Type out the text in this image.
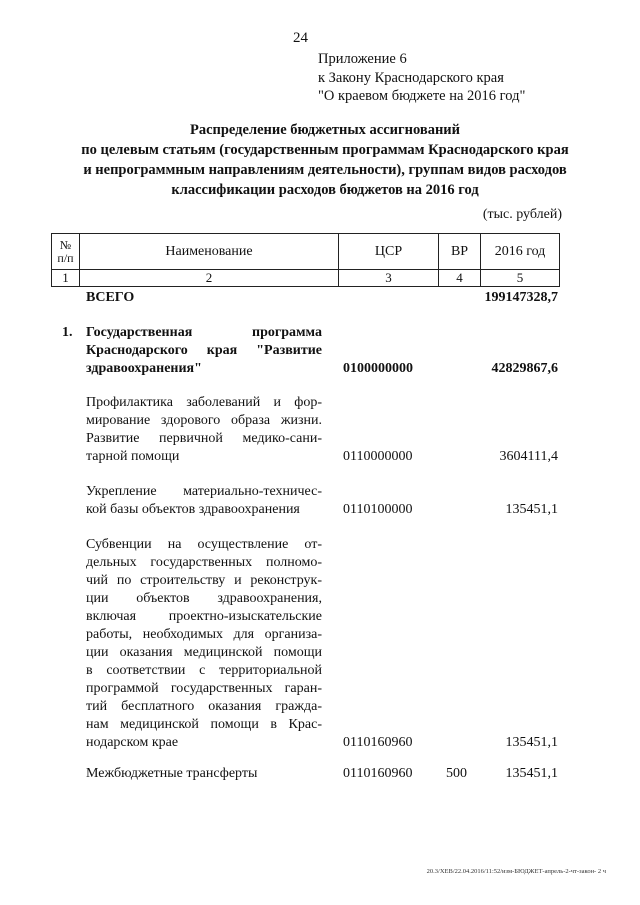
24
Приложение 6
к Закону Краснодарского края
"О краевом бюджете на 2016 год"
Распределение бюджетных ассигнований
по целевым статьям (государственным программам Краснодарского края
и непрограммным направлениям деятельности), группам видов расходов
классификации расходов бюджетов на 2016 год
(тыс. рублей)
№
п/п	Наименование	ЦСР	ВР	2016 год
1	2	3	4	5
ВСЕГО	199147328,7
1. Государственная программа
Краснодарского края "Развитие
здравоохранения"	0100000000	42829867,6
Профилактика заболеваний и фор-
мирование здорового образа жизни.
Развитие первичной медико-сани-
тарной помощи	0110000000	3604111,4
Укрепление материально-техничес-
кой базы объектов здравоохранения	0110100000	135451,1
Субвенции на осуществление от-
дельных государственных полномо-
чий по строительству и реконструк-
ции объектов здравоохранения,
включая проектно-изыскательские
работы, необходимых для организа-
ции оказания медицинской помощи
в соответствии с территориальной
программой государственных гаран-
тий бесплатного оказания гражда-
нам медицинской помощи в Крас-
нодарском крае	0110160960	135451,1
Межбюджетные трансферты	0110160960 500	135451,1
20.3/ХЕВ/22.04.2016/11:52/изм-БЮДЖЕТ-апрель-2-чт-закон- 2 ч
